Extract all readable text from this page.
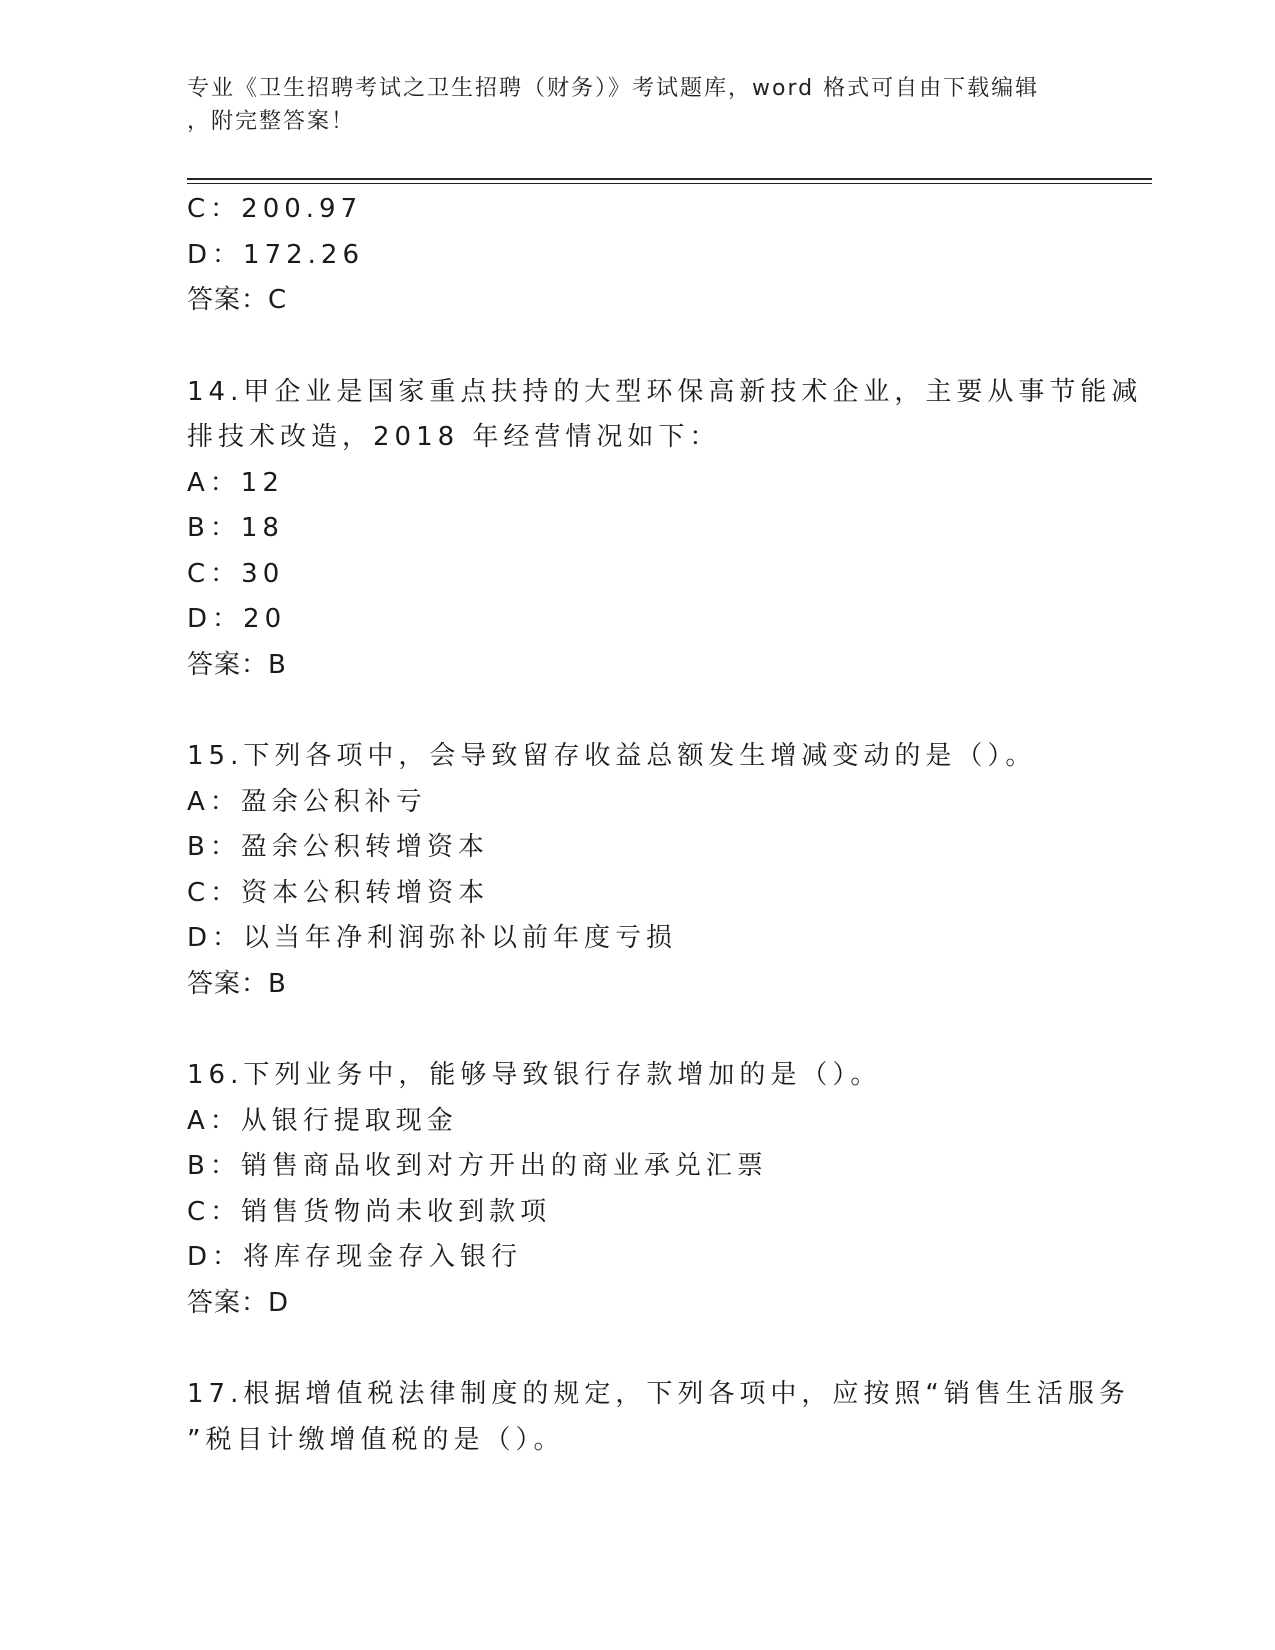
专业《卫生招聘考试之卫生招聘（财务）》考试题库，word 格式可自由下载编辑
，附完整答案！
C：200.97
D：172.26
答案：C
14.甲企业是国家重点扶持的大型环保高新技术企业，主要从事节能减
排技术改造，2018 年经营情况如下：
A：12
B：18
C：30
D：20
答案：B
15.下列各项中，会导致留存收益总额发生增减变动的是（）。
A：盈余公积补亏
B：盈余公积转增资本
C：资本公积转增资本
D：以当年净利润弥补以前年度亏损
答案：B
16.下列业务中，能够导致银行存款增加的是（）。
A：从银行提取现金
B：销售商品收到对方开出的商业承兑汇票
C：销售货物尚未收到款项
D：将库存现金存入银行
答案：D
17.根据增值税法律制度的规定，下列各项中，应按照“销售生活服务
”税目计缴增值税的是（）。
